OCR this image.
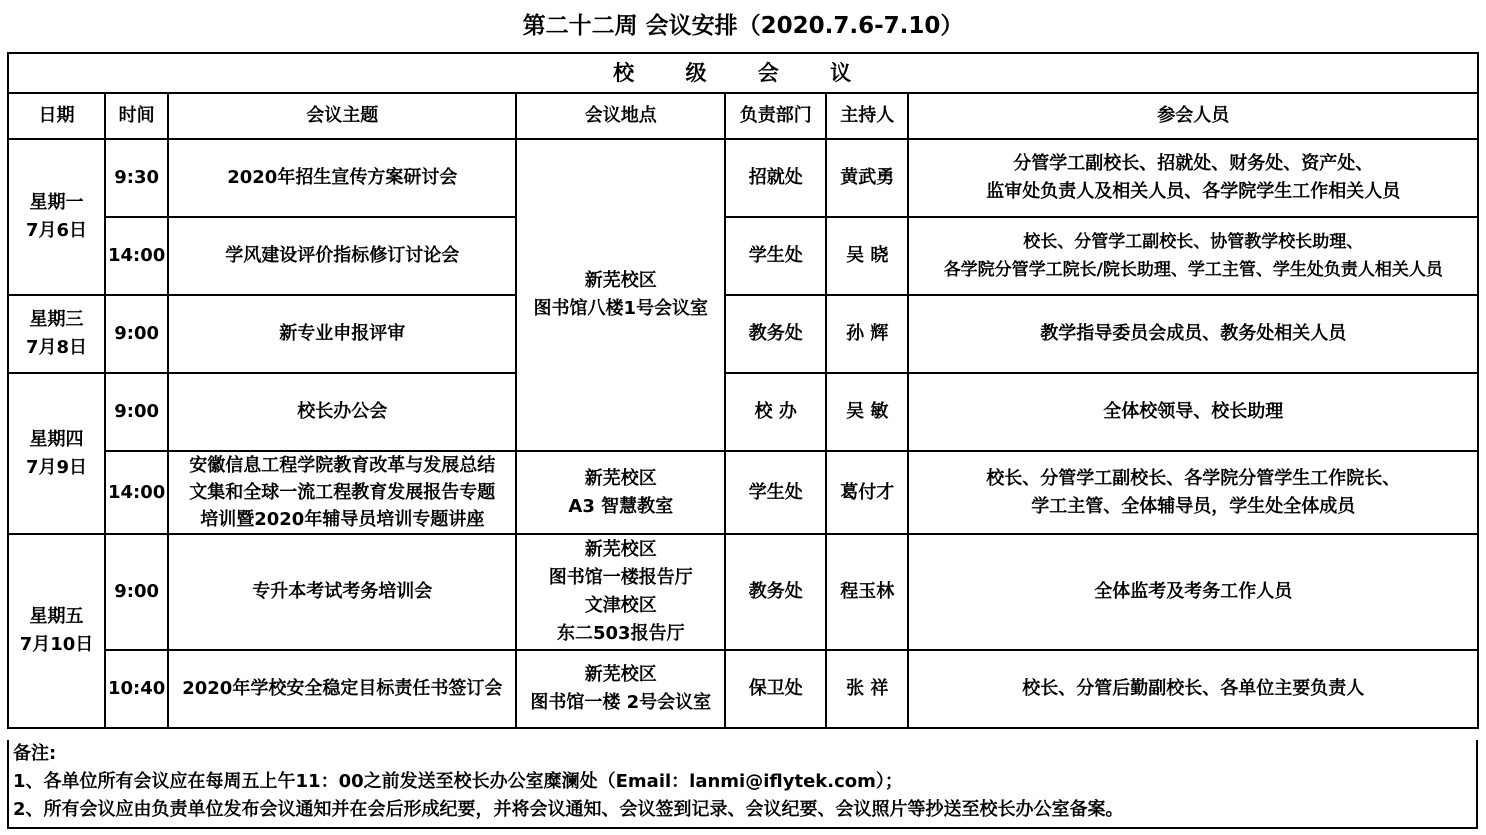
第二十二周 会议安排（2020.7.6-7.10）
校 级 会 议						
日期	时间	会议主题	会议地点	负责部门	主持人	参会人员

星期一
7月6日	9:30	2020年招生宣传方案研讨会	新芜校区
图书馆八楼1号会议室	招就处	黄武勇	分管学工副校长、招就处、财务处、资产处、
监审处负责人及相关人员、各学院学生工作相关人员

	14:00	学风建设评价指标修订讨论会		学生处	吴 晓	校长、分管学工副校长、协管教学校长助理、
各学院分管学工院长/院长助理、学工主管、学生处负责人相关人员

星期三
7月8日	9:00	新专业申报评审		教务处	孙 辉	教学指导委员会成员、教务处相关人员

星期四
7月9日	9:00	校长办公会		校 办	吴 敏	全体校领导、校长助理

	14:00	安徽信息工程学院教育改革与发展总结
文集和全球一流工程教育发展报告专题
培训暨2020年辅导员培训专题讲座	新芜校区
A3 智慧教室	学生处	葛付才	校长、分管学工副校长、各学院分管学生工作院长、
学工主管、全体辅导员，学生处全体成员

星期五
7月10日	9:00	专升本考试考务培训会	新芜校区
图书馆一楼报告厅
文津校区
东二503报告厅	教务处	程玉林	全体监考及考务工作人员

	10:40	2020年学校安全稳定目标责任书签订会	新芜校区
图书馆一楼 2号会议室	保卫处	张 祥	校长、分管后勤副校长、各单位主要负责人
备注:
1、各单位所有会议应在每周五上午11：00之前发送至校长办公室糜澜处（Email：lanmi@iflytek.com）；
2、所有会议应由负责单位发布会议通知并在会后形成纪要，并将会议通知、会议签到记录、会议纪要、会议照片等抄送至校长办公室备案。
